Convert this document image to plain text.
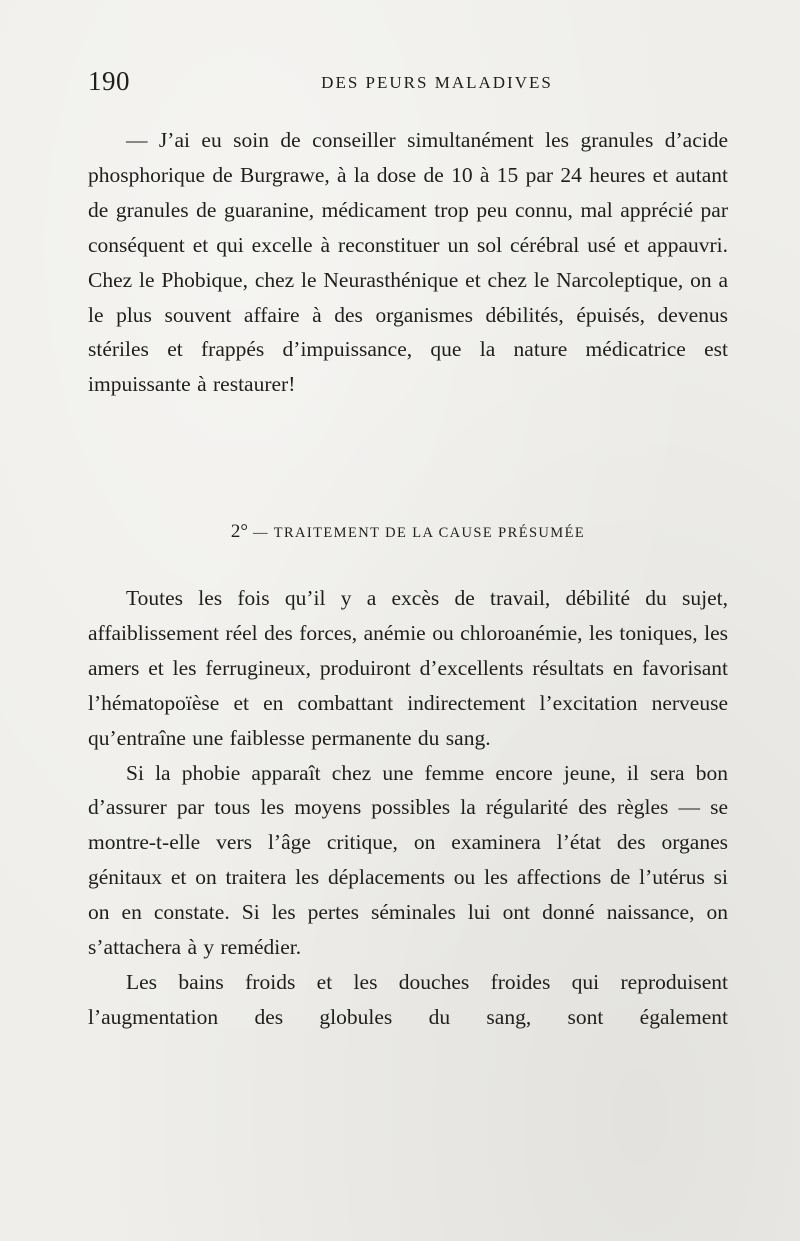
190	DES PEURS MALADIVES

— J’ai eu soin de conseiller simultanément les granules d’acide phosphorique de Burgrawe, à la dose de 10 à 15 par 24 heures et autant de granules de guaranine, médicament trop peu connu, mal apprécié par conséquent et qui excelle à reconstituer un sol cérébral usé et appauvri. Chez le Phobique, chez le Neurasthénique et chez le Narcoleptique, on a le plus souvent affaire à des organismes débilités, épuisés, devenus stériles et frappés d’impuissance, que la nature médicatrice est impuissante à restaurer!

2° — TRAITEMENT DE LA CAUSE PRÉSUMÉE

Toutes les fois qu’il y a excès de travail, débilité du sujet, affaiblissement réel des forces, anémie ou chloroanémie, les toniques, les amers et les ferrugineux, produiront d’excellents résultats en favorisant l’hématopoïèse et en combattant indirectement l’excitation nerveuse qu’entraîne une faiblesse permanente du sang.

Si la phobie apparaît chez une femme encore jeune, il sera bon d’assurer par tous les moyens possibles la régularité des règles — se montre-t-elle vers l’âge critique, on examinera l’état des organes génitaux et on traitera les déplacements ou les affections de l’utérus si on en constate. Si les pertes séminales lui ont donné naissance, on s’attachera à y remédier.

Les bains froids et les douches froides qui reproduisent l’augmentation des globules du sang, sont également
